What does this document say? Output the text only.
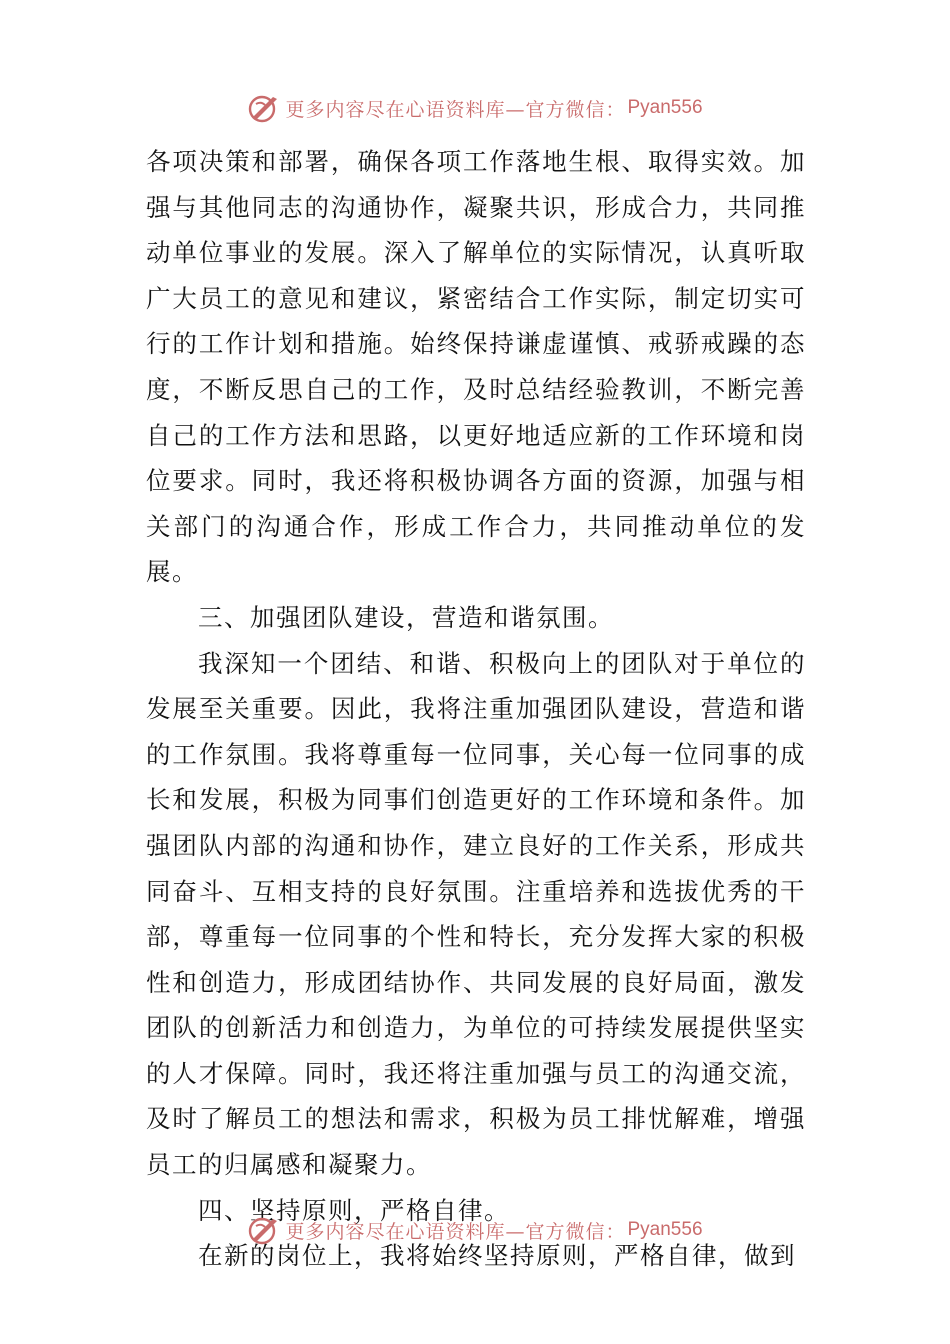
更多内容尽在心语资料库—官方微信： Pyan556

各项决策和部署，确保各项工作落地生根、取得实效。加强与其他同志的沟通协作，凝聚共识，形成合力，共同推动单位事业的发展。深入了解单位的实际情况，认真听取广大员工的意见和建议，紧密结合工作实际，制定切实可行的工作计划和措施。始终保持谦虚谨慎、戒骄戒躁的态度，不断反思自己的工作，及时总结经验教训，不断完善自己的工作方法和思路，以更好地适应新的工作环境和岗位要求。同时，我还将积极协调各方面的资源，加强与相关部门的沟通合作，形成工作合力，共同推动单位的发展。

三、加强团队建设，营造和谐氛围。

我深知一个团结、和谐、积极向上的团队对于单位的发展至关重要。因此，我将注重加强团队建设，营造和谐的工作氛围。我将尊重每一位同事，关心每一位同事的成长和发展，积极为同事们创造更好的工作环境和条件。加强团队内部的沟通和协作，建立良好的工作关系，形成共同奋斗、互相支持的良好氛围。注重培养和选拔优秀的干部，尊重每一位同事的个性和特长，充分发挥大家的积极性和创造力，形成团结协作、共同发展的良好局面，激发团队的创新活力和创造力，为单位的可持续发展提供坚实的人才保障。同时，我还将注重加强与员工的沟通交流，及时了解员工的想法和需求，积极为员工排忧解难，增强员工的归属感和凝聚力。

四、坚持原则，严格自律。

在新的岗位上，我将始终坚持原则，严格自律，做到

更多内容尽在心语资料库—官方微信： Pyan556
